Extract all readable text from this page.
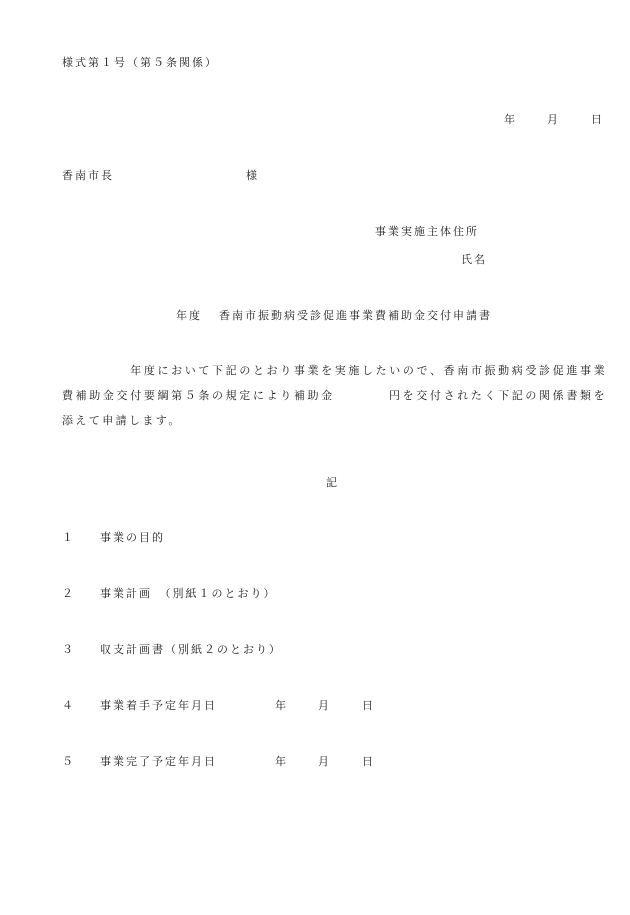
様式第１号（第５条関係）
年	月	日
香南市長	様
事業実施主体住所
氏名
年度 香南市振動病受診促進事業費補助金交付申請書
年度において下記のとおり事業を実施したいので、香南市振動病受診促進事業費補助金交付要綱第５条の規定により補助金	円を交付されたく下記の関係書類を添えて申請します。
記
１ 事業の目的
２ 事業計画　（別紙１のとおり）
３ 収支計画書（別紙２のとおり）
４ 事業着手予定年月日	年	月	日
５ 事業完了予定年月日	年	月	日
